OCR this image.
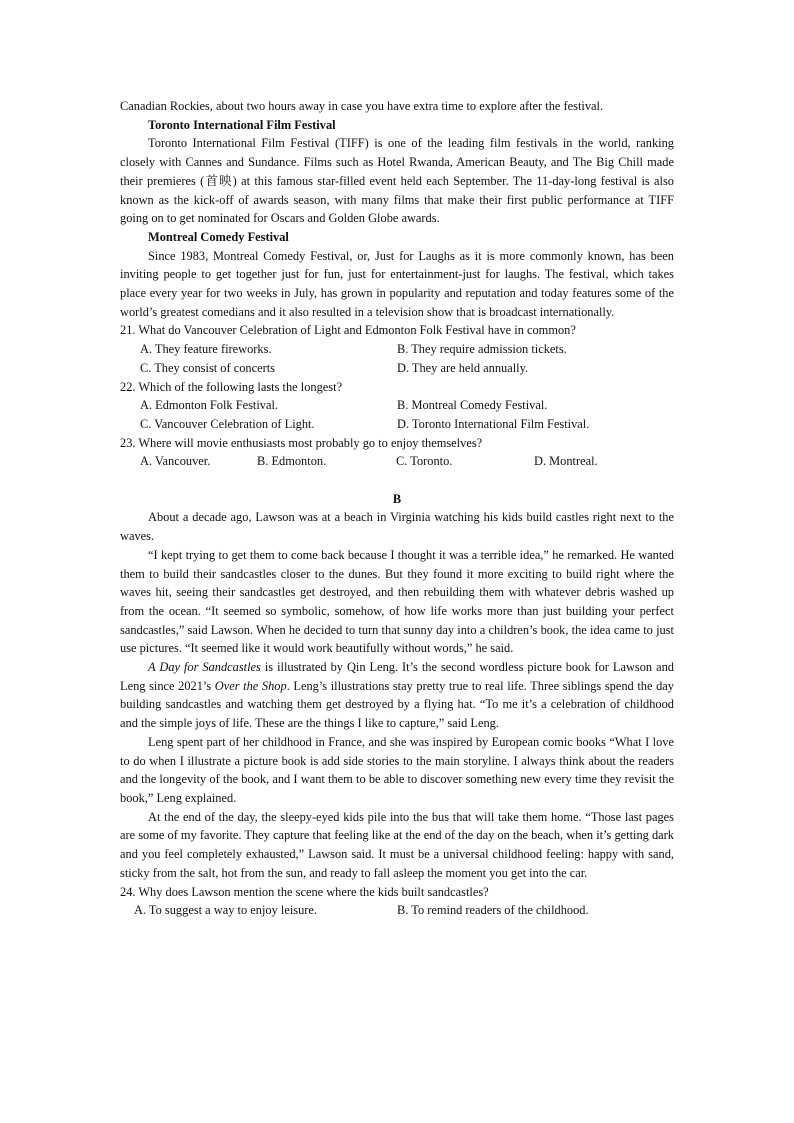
Canadian Rockies, about two hours away in case you have extra time to explore after the festival.

Toronto International Film Festival

Toronto International Film Festival (TIFF) is one of the leading film festivals in the world, ranking closely with Cannes and Sundance. Films such as Hotel Rwanda, American Beauty, and The Big Chill made their premieres (首映) at this famous star-filled event held each September. The 11-day-long festival is also known as the kick-off of awards season, with many films that make their first public performance at TIFF going on to get nominated for Oscars and Golden Globe awards.

Montreal Comedy Festival

Since 1983, Montreal Comedy Festival, or, Just for Laughs as it is more commonly known, has been inviting people to get together just for fun, just for entertainment-just for laughs. The festival, which takes place every year for two weeks in July, has grown in popularity and reputation and today features some of the world’s greatest comedians and it also resulted in a television show that is broadcast internationally.

21. What do Vancouver Celebration of Light and Edmonton Folk Festival have in common?

A. They feature fireworks.	B. They require admission tickets.
C. They consist of concerts	D. They are held annually.

22. Which of the following lasts the longest?

A. Edmonton Folk Festival.	B. Montreal Comedy Festival.
C. Vancouver Celebration of Light.	D. Toronto International Film Festival.

23. Where will movie enthusiasts most probably go to enjoy themselves?

A. Vancouver.	B. Edmonton.	C. Toronto.	D. Montreal.

B

About a decade ago, Lawson was at a beach in Virginia watching his kids build castles right next to the waves.

“I kept trying to get them to come back because I thought it was a terrible idea,” he remarked. He wanted them to build their sandcastles closer to the dunes. But they found it more exciting to build right where the waves hit, seeing their sandcastles get destroyed, and then rebuilding them with whatever debris washed up from the ocean. “It seemed so symbolic, somehow, of how life works more than just building your perfect sandcastles,” said Lawson. When he decided to turn that sunny day into a children’s book, the idea came to just use pictures. “It seemed like it would work beautifully without words,” he said.

A Day for Sandcastles is illustrated by Qin Leng. It’s the second wordless picture book for Lawson and Leng since 2021’s Over the Shop. Leng’s illustrations stay pretty true to real life. Three siblings spend the day building sandcastles and watching them get destroyed by a flying hat. “To me it’s a celebration of childhood and the simple joys of life. These are the things I like to capture,” said Leng.

Leng spent part of her childhood in France, and she was inspired by European comic books “What I love to do when I illustrate a picture book is add side stories to the main storyline. I always think about the readers and the longevity of the book, and I want them to be able to discover something new every time they revisit the book,” Leng explained.

At the end of the day, the sleepy-eyed kids pile into the bus that will take them home. “Those last pages are some of my favorite. They capture that feeling like at the end of the day on the beach, when it’s getting dark and you feel completely exhausted,” Lawson said. It must be a universal childhood feeling: happy with sand, sticky from the salt, hot from the sun, and ready to fall asleep the moment you get into the car.

24. Why does Lawson mention the scene where the kids built sandcastles?

A. To suggest a way to enjoy leisure.	B. To remind readers of the childhood.
